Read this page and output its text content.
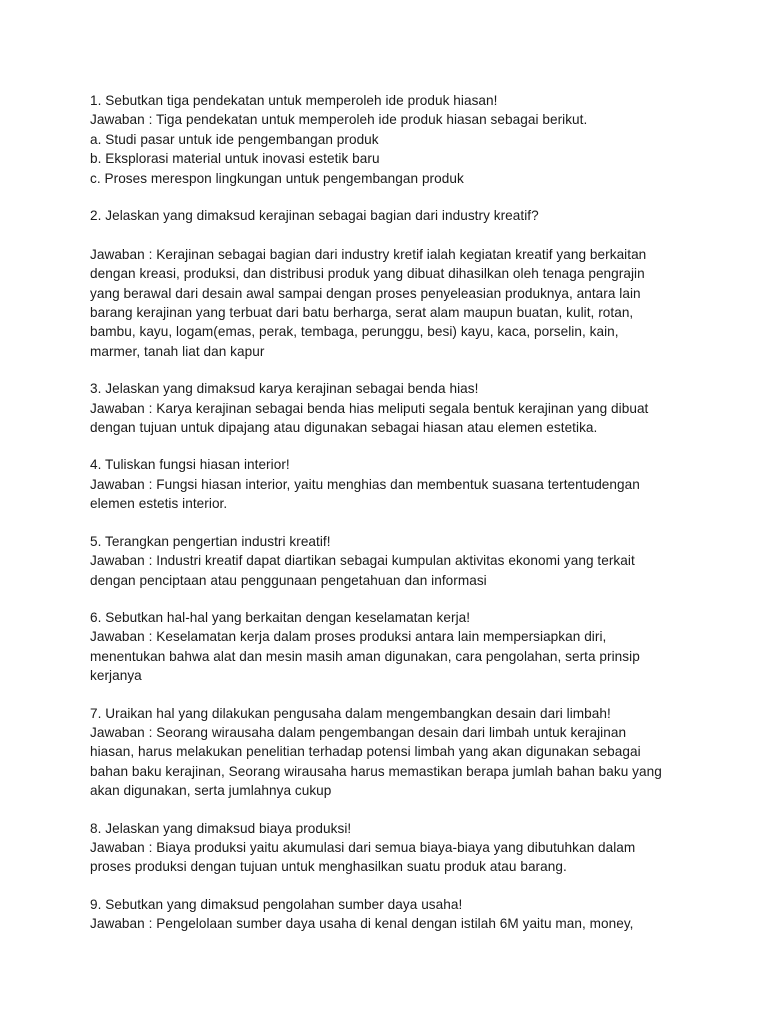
1. Sebutkan tiga pendekatan untuk memperoleh ide produk hiasan!
Jawaban : Tiga pendekatan untuk memperoleh ide produk hiasan sebagai berikut.
a. Studi pasar untuk ide pengembangan produk
b. Eksplorasi material untuk inovasi estetik baru
c. Proses merespon lingkungan untuk pengembangan produk
2. Jelaskan yang dimaksud kerajinan sebagai bagian dari industry kreatif?
Jawaban : Kerajinan sebagai bagian dari industry kretif ialah kegiatan kreatif yang berkaitan
dengan kreasi, produksi, dan distribusi produk yang dibuat dihasilkan oleh tenaga pengrajin
yang berawal dari desain awal sampai dengan proses penyeleasian produknya, antara lain
barang kerajinan yang terbuat dari batu berharga, serat alam maupun buatan, kulit, rotan,
bambu, kayu, logam(emas, perak, tembaga, perunggu, besi) kayu, kaca, porselin, kain,
marmer, tanah liat dan kapur
3. Jelaskan yang dimaksud karya kerajinan sebagai benda hias!
Jawaban : Karya kerajinan sebagai benda hias meliputi segala bentuk kerajinan yang dibuat
dengan tujuan untuk dipajang atau digunakan sebagai hiasan atau elemen estetika.
4. Tuliskan fungsi hiasan interior!
Jawaban : Fungsi hiasan interior, yaitu menghias dan membentuk suasana tertentudengan
elemen estetis interior.
5. Terangkan pengertian industri kreatif!
Jawaban : Industri kreatif dapat diartikan sebagai kumpulan aktivitas ekonomi yang terkait
dengan penciptaan atau penggunaan pengetahuan dan informasi
6. Sebutkan hal-hal yang berkaitan dengan keselamatan kerja!
Jawaban : Keselamatan kerja dalam proses produksi antara lain mempersiapkan diri,
menentukan bahwa alat dan mesin masih aman digunakan, cara pengolahan, serta prinsip
kerjanya
7. Uraikan hal yang dilakukan pengusaha dalam mengembangkan desain dari limbah!
Jawaban : Seorang wirausaha dalam pengembangan desain dari limbah untuk kerajinan
hiasan, harus melakukan penelitian terhadap potensi limbah yang akan digunakan sebagai
bahan baku kerajinan, Seorang wirausaha harus memastikan berapa jumlah bahan baku yang
akan digunakan, serta jumlahnya cukup
8. Jelaskan yang dimaksud biaya produksi!
Jawaban : Biaya produksi yaitu akumulasi dari semua biaya-biaya yang dibutuhkan dalam
proses produksi dengan tujuan untuk menghasilkan suatu produk atau barang.
9. Sebutkan yang dimaksud pengolahan sumber daya usaha!
Jawaban : Pengelolaan sumber daya usaha di kenal dengan istilah 6M yaitu man, money,
